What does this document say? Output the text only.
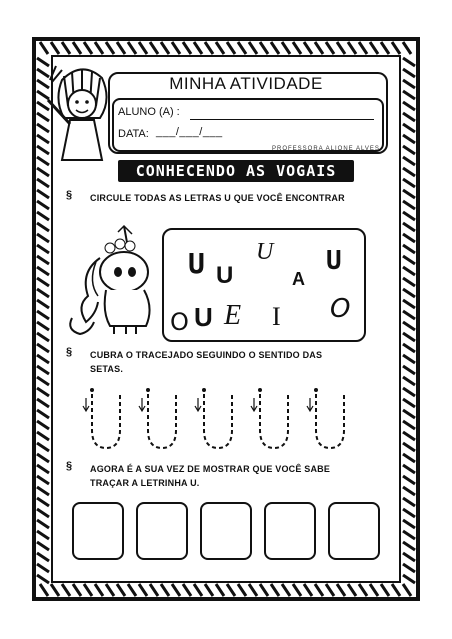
MINHA ATIVIDADE
ALUNO (A) :
DATA: ___/___/___
PROFESSORA ALIONE ALVES
CONHECENDO AS VOGAIS
§ CIRCULE TODAS AS LETRAS U QUE VOCÊ ENCONTRAR
U U
U
A
U
O U E I O
§ CUBRA O TRACEJADO SEGUINDO O SENTIDO DAS
SETAS.
§ AGORA É A SUA VEZ DE MOSTRAR QUE VOCÊ SABE
TRAÇAR A LETRINHA U.
